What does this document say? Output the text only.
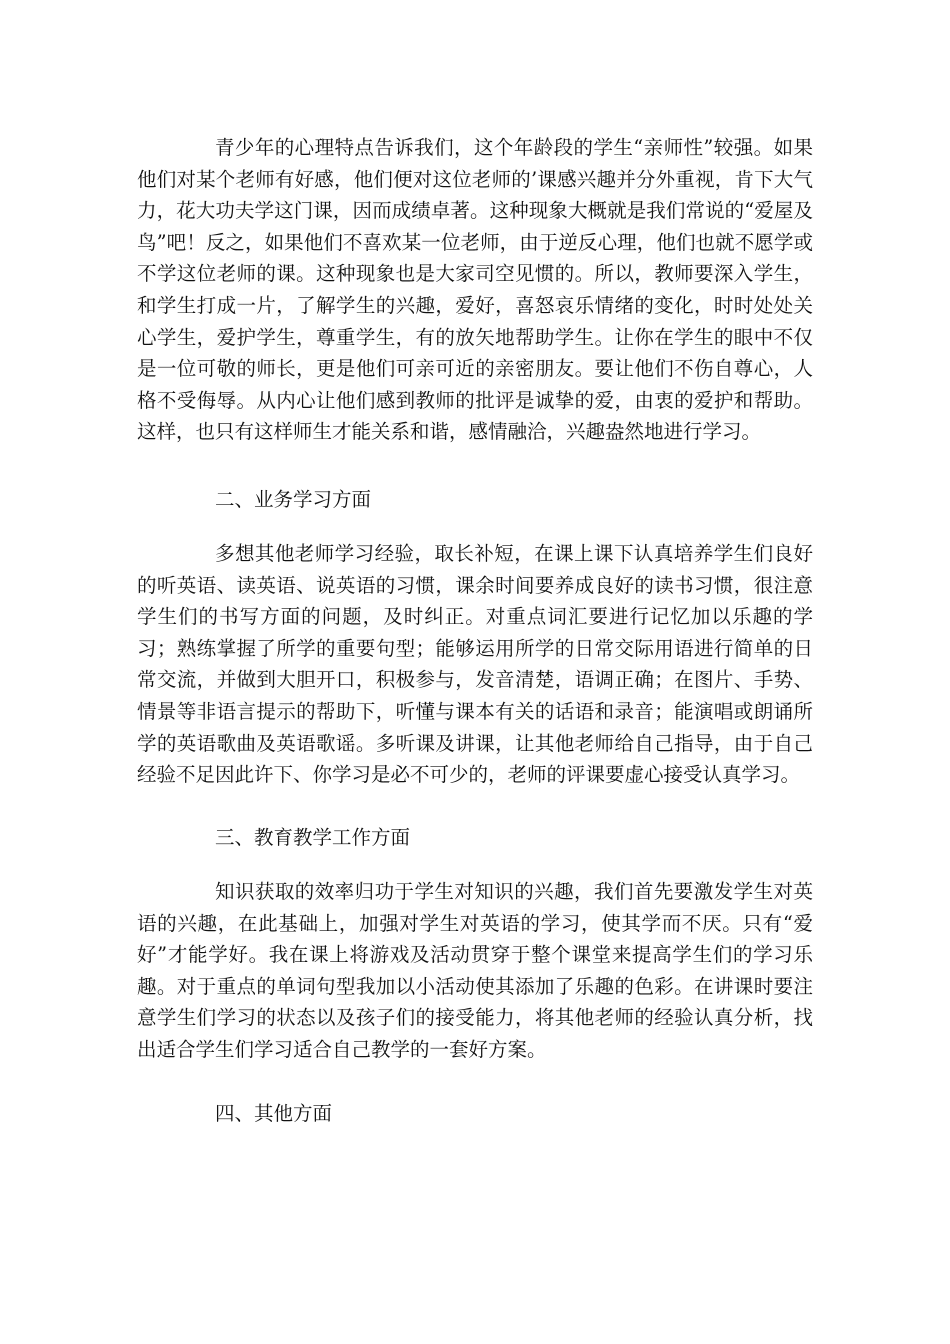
青少年的心理特点告诉我们，这个年龄段的学生“亲师性”较强。如果他们对某个老师有好感，他们便对这位老师的’课感兴趣并分外重视，肯下大气力，花大功夫学这门课，因而成绩卓著。这种现象大概就是我们常说的“爱屋及鸟”吧！反之，如果他们不喜欢某一位老师，由于逆反心理，他们也就不愿学或不学这位老师的课。这种现象也是大家司空见惯的。所以，教师要深入学生，和学生打成一片，了解学生的兴趣，爱好，喜怒哀乐情绪的变化，时时处处关心学生，爱护学生，尊重学生，有的放矢地帮助学生。让你在学生的眼中不仅是一位可敬的师长，更是他们可亲可近的亲密朋友。要让他们不伤自尊心，人格不受侮辱。从内心让他们感到教师的批评是诚挚的爱，由衷的爱护和帮助。这样，也只有这样师生才能关系和谐，感情融洽，兴趣盎然地进行学习。

二、业务学习方面

多想其他老师学习经验，取长补短，在课上课下认真培养学生们良好的听英语、读英语、说英语的习惯，课余时间要养成良好的读书习惯，很注意学生们的书写方面的问题，及时纠正。对重点词汇要进行记忆加以乐趣的学习；熟练掌握了所学的重要句型；能够运用所学的日常交际用语进行简单的日常交流，并做到大胆开口，积极参与，发音清楚，语调正确；在图片、手势、情景等非语言提示的帮助下，听懂与课本有关的话语和录音；能演唱或朗诵所学的英语歌曲及英语歌谣。多听课及讲课，让其他老师给自己指导，由于自己经验不足因此许下、你学习是必不可少的，老师的评课要虚心接受认真学习。

三、教育教学工作方面

知识获取的效率归功于学生对知识的兴趣，我们首先要激发学生对英语的兴趣，在此基础上，加强对学生对英语的学习，使其学而不厌。只有“爱好”才能学好。我在课上将游戏及活动贯穿于整个课堂来提高学生们的学习乐趣。对于重点的单词句型我加以小活动使其添加了乐趣的色彩。在讲课时要注意学生们学习的状态以及孩子们的接受能力，将其他老师的经验认真分析，找出适合学生们学习适合自己教学的一套好方案。

四、其他方面
